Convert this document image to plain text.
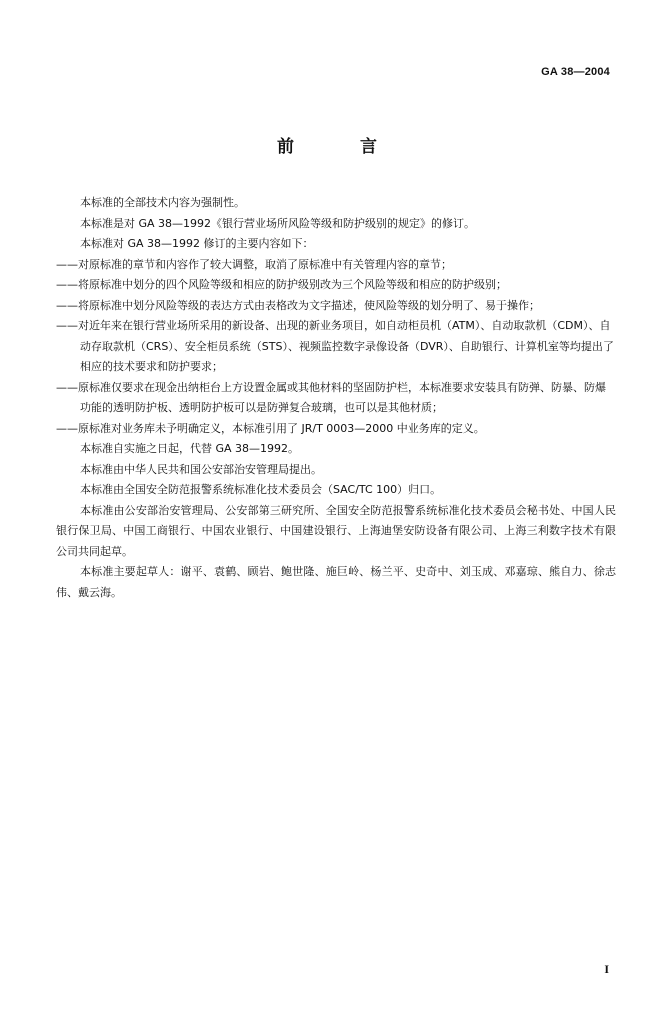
GA 38—2004
前 言

本标准的全部技术内容为强制性。

本标准是对 GA 38—1992《银行营业场所风险等级和防护级别的规定》的修订。

本标准对 GA 38—1992 修订的主要内容如下：

——对原标准的章节和内容作了较大调整，取消了原标准中有关管理内容的章节；

——将原标准中划分的四个风险等级和相应的防护级别改为三个风险等级和相应的防护级别；

——将原标准中划分风险等级的表达方式由表格改为文字描述，使风险等级的划分明了、易于操作；

——对近年来在银行营业场所采用的新设备、出现的新业务项目，如自动柜员机（ATM）、自动取款机（CDM）、自动存取款机（CRS）、安全柜员系统（STS）、视频监控数字录像设备（DVR）、自助银行、计算机室等均提出了相应的技术要求和防护要求；

——原标准仅要求在现金出纳柜台上方设置金属或其他材料的坚固防护栏，本标准要求安装具有防弹、防暴、防爆功能的透明防护板、透明防护板可以是防弹复合玻璃，也可以是其他材质；

——原标准对业务库未予明确定义，本标准引用了 JR/T 0003—2000 中业务库的定义。

本标准自实施之日起，代替 GA 38—1992。

本标准由中华人民共和国公安部治安管理局提出。

本标准由全国安全防范报警系统标准化技术委员会（SAC/TC 100）归口。

本标准由公安部治安管理局、公安部第三研究所、全国安全防范报警系统标准化技术委员会秘书处、中国人民银行保卫局、中国工商银行、中国农业银行、中国建设银行、上海迪堡安防设备有限公司、上海三利数字技术有限公司共同起草。

本标准主要起草人：谢平、袁鹤、顾岩、鲍世隆、施巨岭、杨兰平、史奇中、刘玉成、邓嘉琼、熊自力、徐志伟、戴云海。

I
